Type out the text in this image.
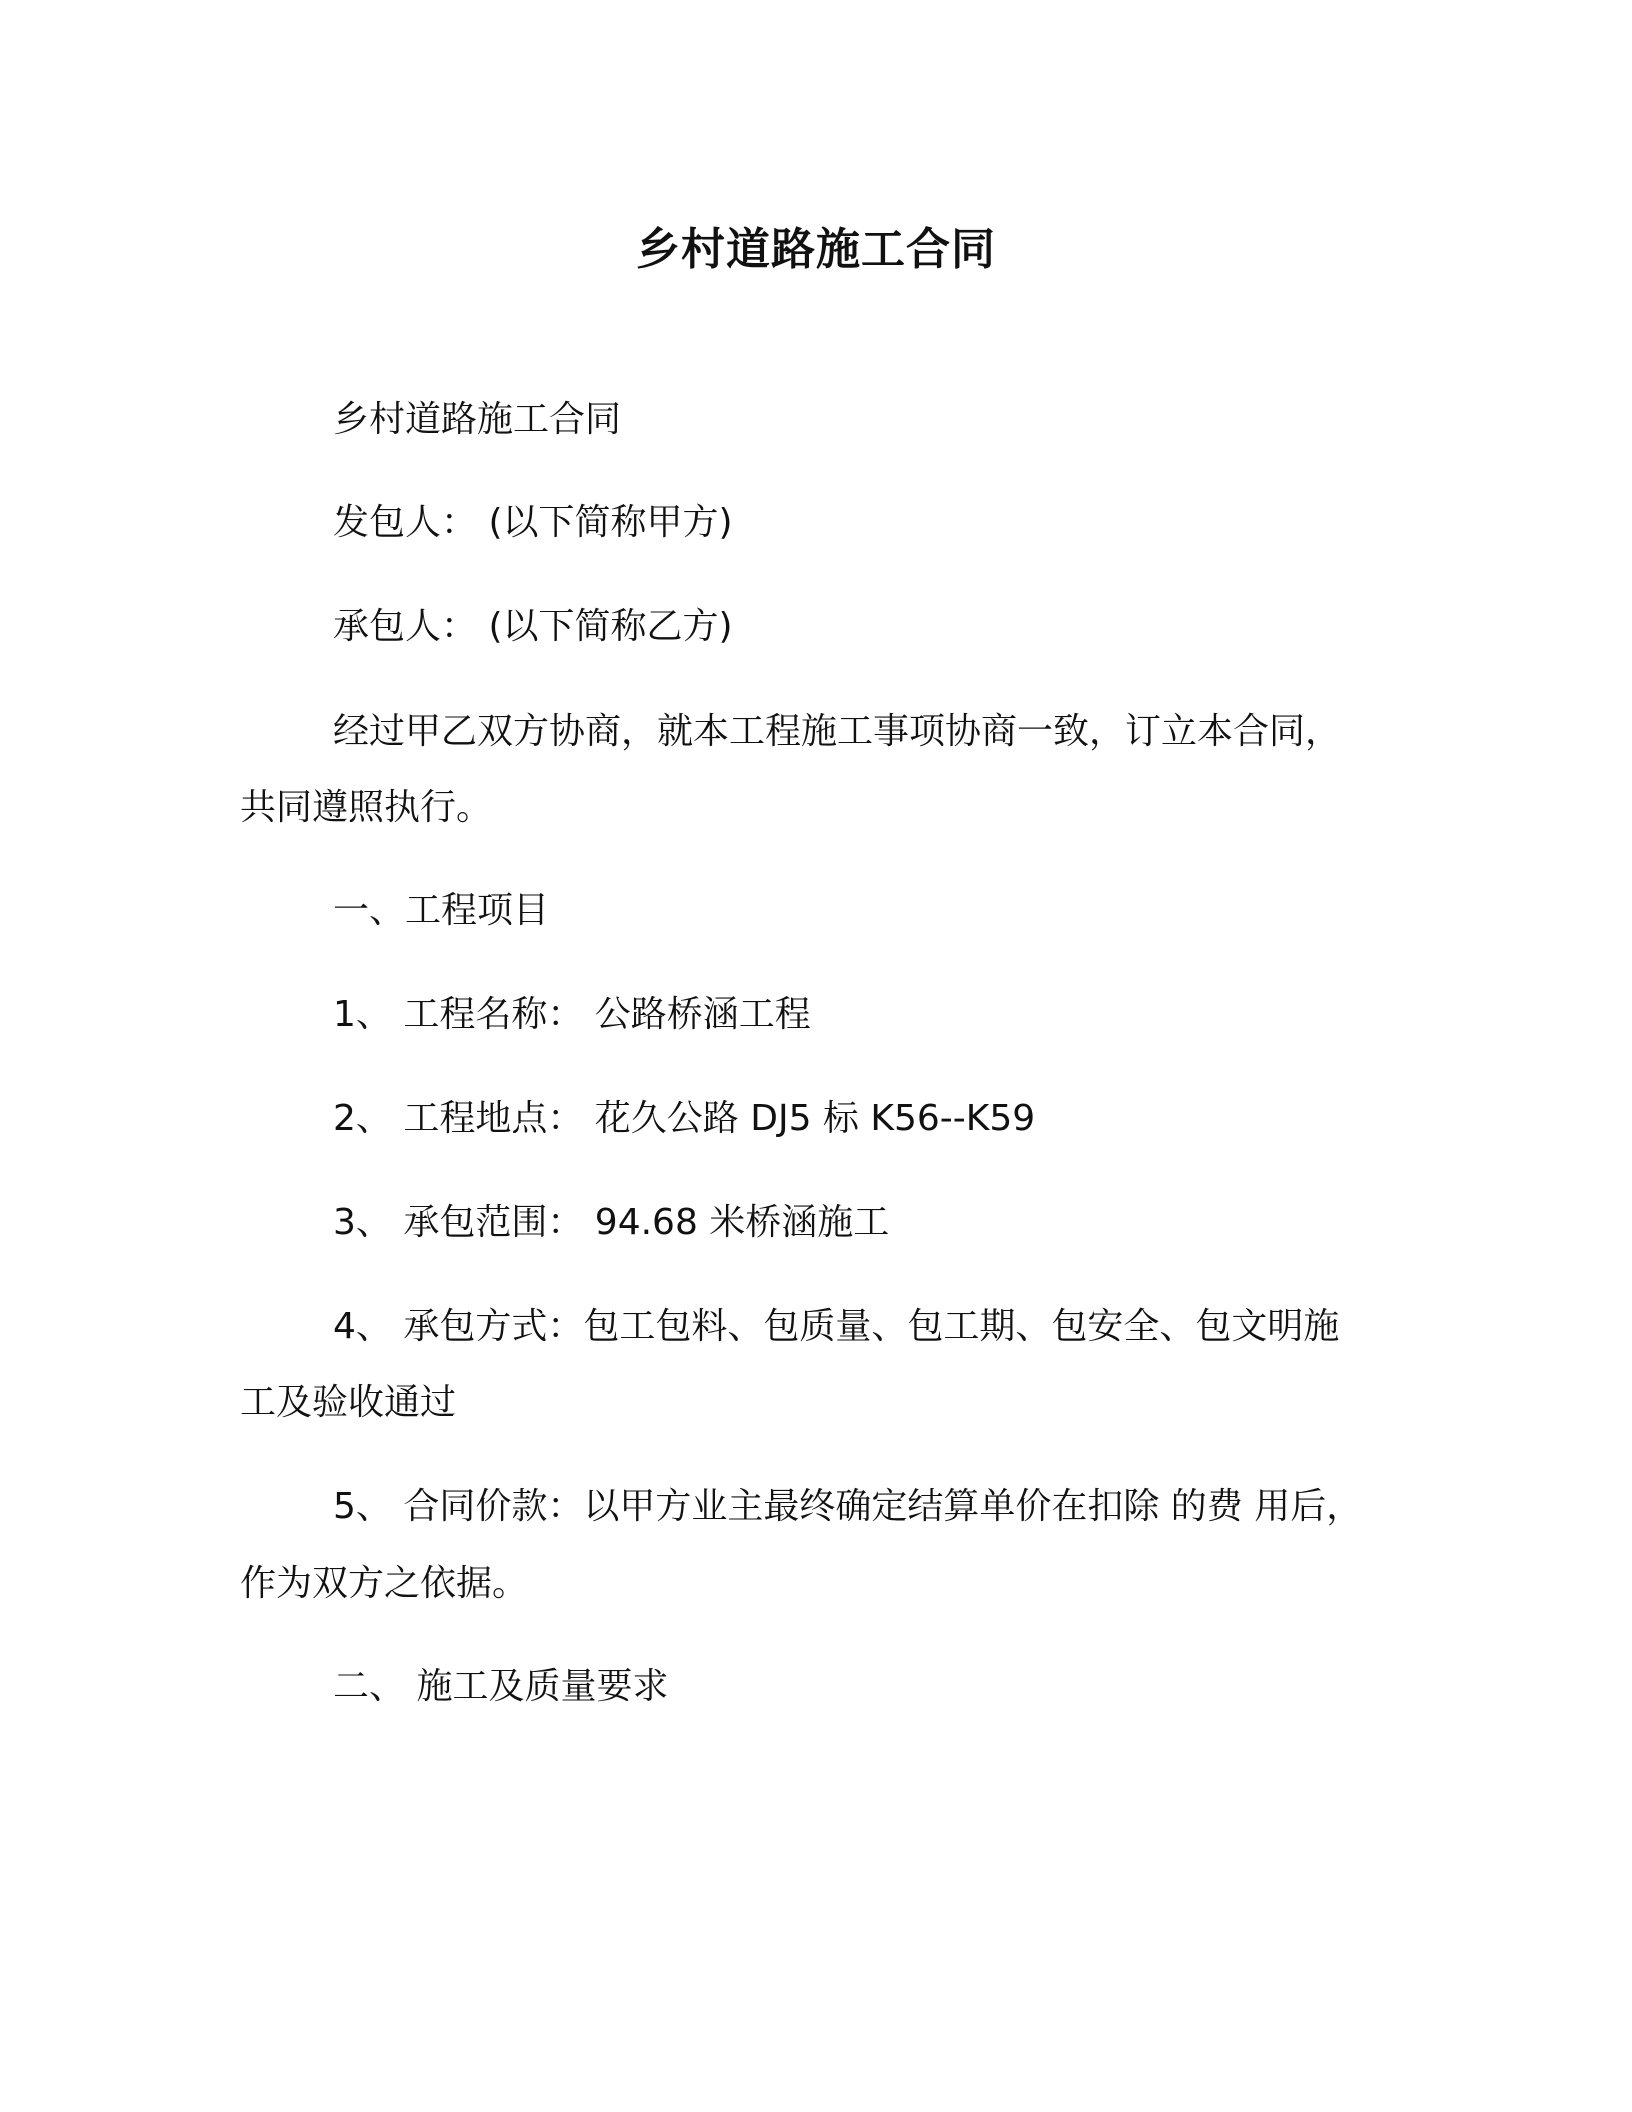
乡村道路施工合同
乡村道路施工合同
发包人： (以下简称甲方)
承包人： (以下简称乙方)
经过甲乙双方协商，就本工程施工事项协商一致，订立本合同，
共同遵照执行。
一、工程项目
1、 工程名称： 公路桥涵工程
2、 工程地点： 花久公路 DJ5 标 K56--K59
3、 承包范围： 94.68 米桥涵施工
4、 承包方式：包工包料、包质量、包工期、包安全、包文明施
工及验收通过
5、 合同价款：以甲方业主最终确定结算单价在扣除 的费 用后，
作为双方之依据。
二、 施工及质量要求
